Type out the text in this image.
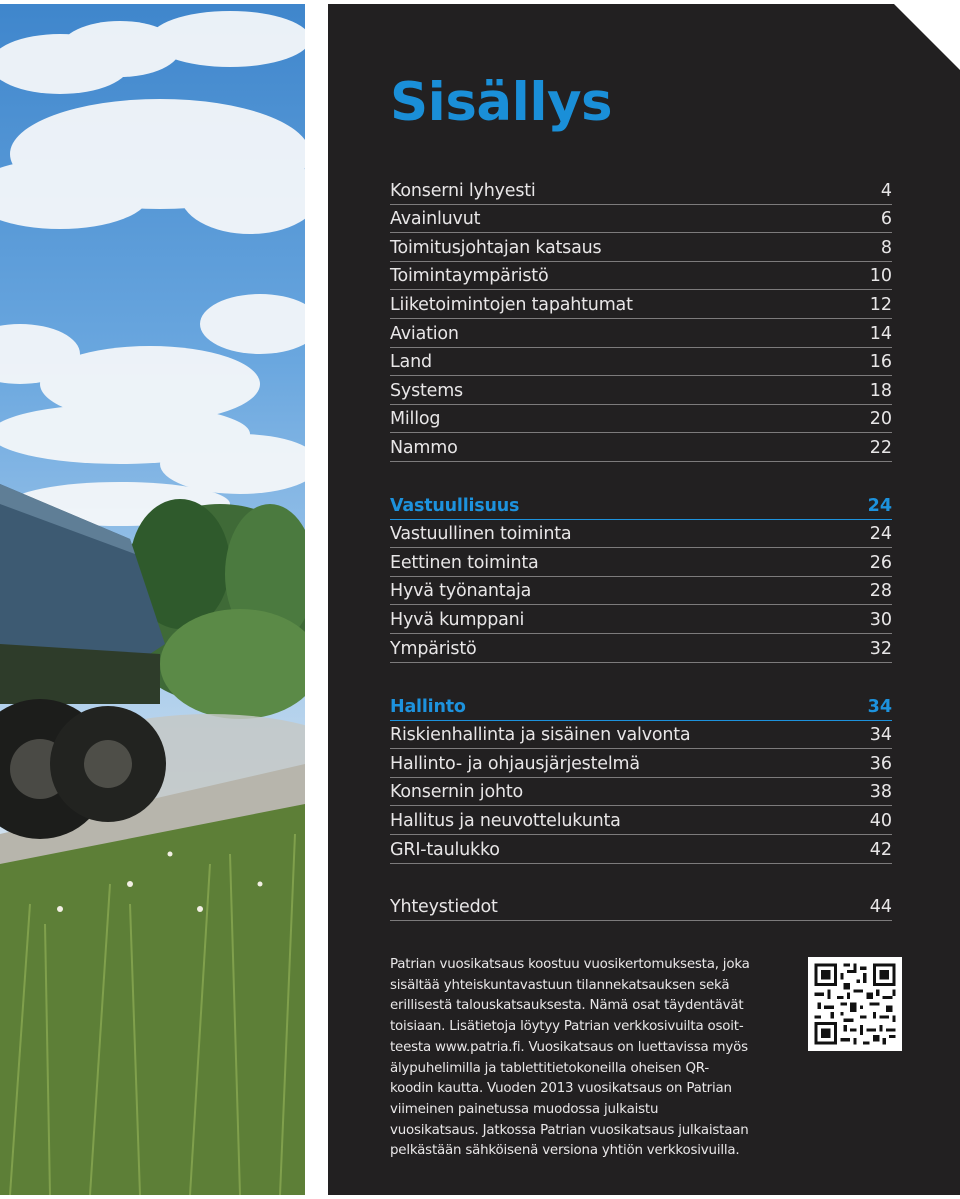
Sisällys
Konserni lyhyesti	4
Avainluvut	6
Toimitusjohtajan katsaus	8
Toimintaympäristö	10
Liiketoimintojen tapahtumat	12
Aviation	14
Land	16
Systems	18
Millog	20
Nammo	22
Vastuullisuus	24
Vastuullinen toiminta	24
Eettinen toiminta	26
Hyvä työnantaja	28
Hyvä kumppani	30
Ympäristö	32
Hallinto	34
Riskienhallinta ja sisäinen valvonta	34
Hallinto- ja ohjausjärjestelmä	36
Konsernin johto	38
Hallitus ja neuvottelukunta	40
GRI-taulukko	42
Yhteystiedot	44

Patrian vuosikatsaus koostuu vuosikertomuksesta, joka sisältää yhteiskuntavastuun tilannekatsauksen sekä erillisestä talouskatsauksesta. Nämä osat täydentävät toisiaan. Lisätietoja löytyy Patrian verkkosivuilta osoitteesta www.patria.fi. Vuosikatsaus on luettavissa myös älypuhelimilla ja tablettitietokoneilla oheisen QR-koodin kautta. Vuoden 2013 vuosikatsaus on Patrian viimeinen painetussa muodossa julkaistu vuosikatsaus. Jatkossa Patrian vuosikatsaus julkaistaan pelkästään sähköisenä versiona yhtiön verkkosivuilla.
